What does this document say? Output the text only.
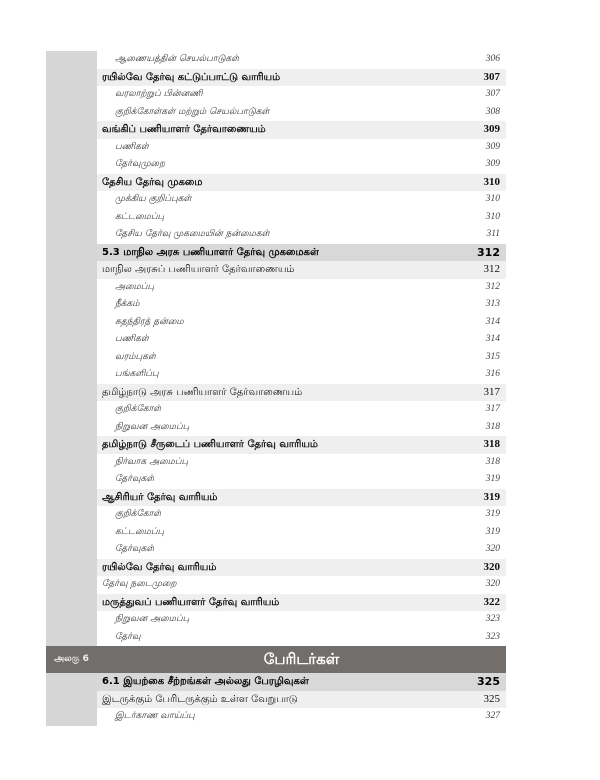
ஆணையத்தின் செயல்பாடுகள்	306
ரயில்வே தேர்வு கட்டுப்பாட்டு வாரியம்	307
வரலாற்றுப் பின்னணி	307
குறிக்கோள்கள் மற்றும் செயல்பாடுகள்	308
வங்கிப் பணியாளர் தேர்வாணையம்	309
பணிகள்	309
தேர்வுமுறை	309
தேசிய தேர்வு முகமை	310
முக்கிய குறிப்புகள்	310
கட்டமைப்பு	310
தேசிய தேர்வு முகமையின் நன்மைகள்	311
5.3 மாநில அரசு பணியாளர் தேர்வு முகமைகள்	312
மாநில அரசுப் பணியாளர் தேர்வாணையம்	312
அமைப்பு	312
நீக்கம்	313
சுதந்திரத் தன்மை	314
பணிகள்	314
வரம்புகள்	315
பங்களிப்பு	316
தமிழ்நாடு அரசு பணியாளர் தேர்வாணையம்	317
குறிக்கோள்	317
நிறுவன அமைப்பு	318
தமிழ்நாடு சீருடைப் பணியாளர் தேர்வு வாரியம்	318
நிர்வாக அமைப்பு	318
தேர்வுகள்	319
ஆசிரியர் தேர்வு வாரியம்	319
குறிக்கோள்	319
கட்டமைப்பு	319
தேர்வுகள்	320
ரயில்வே தேர்வு வாரியம்	320
தேர்வு நடைமுறை	320
மருத்துவப் பணியாளர் தேர்வு வாரியம்	322
நிறுவன அமைப்பு	323
தேர்வு	323
அலகு 6	பேரிடர்கள்
6.1 இயற்கை சீற்றங்கள் அல்லது பேரழிவுகள்	325
இடருக்கும் பேரிடருக்கும் உள்ள வேறுபாடு	325
இடர்காண வாய்ப்பு	327
